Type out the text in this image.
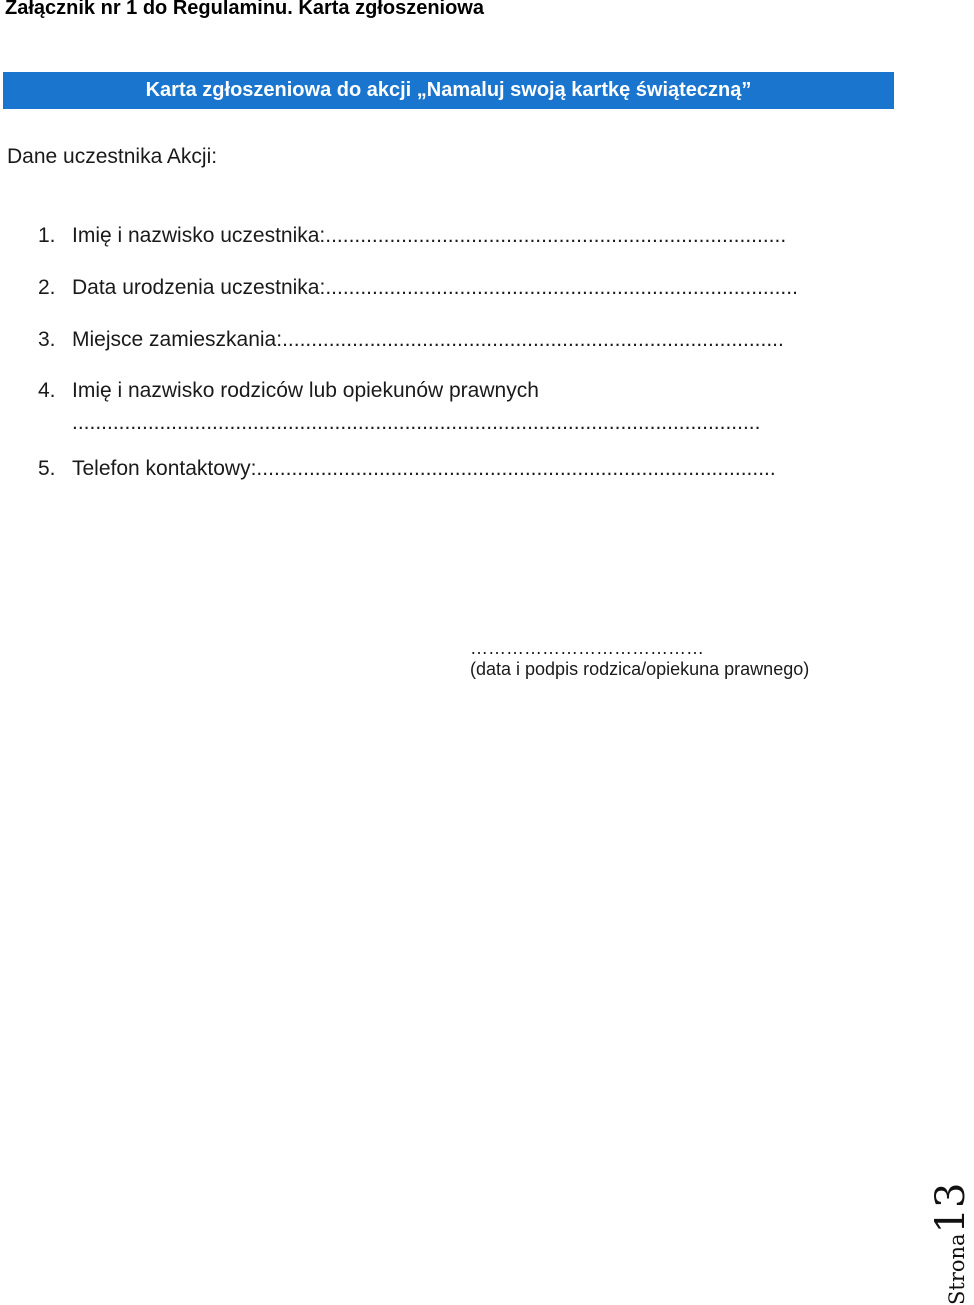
Załącznik nr 1 do Regulaminu. Karta zgłoszeniowa

Karta zgłoszeniowa do akcji „Namaluj swoją kartkę świąteczną”
Dane uczestnika Akcji:
1. Imię i nazwisko uczestnika:...............................................................................
2. Data urodzenia uczestnika:.................................................................................
3. Miejsce zamieszkania:......................................................................................
4. Imię i nazwisko rodziców lub opiekunów prawnych
......................................................................................................................
5. Telefon kontaktowy:.........................................................................................
…………………………………
(data i podpis rodzica/opiekuna prawnego)
Strona13
